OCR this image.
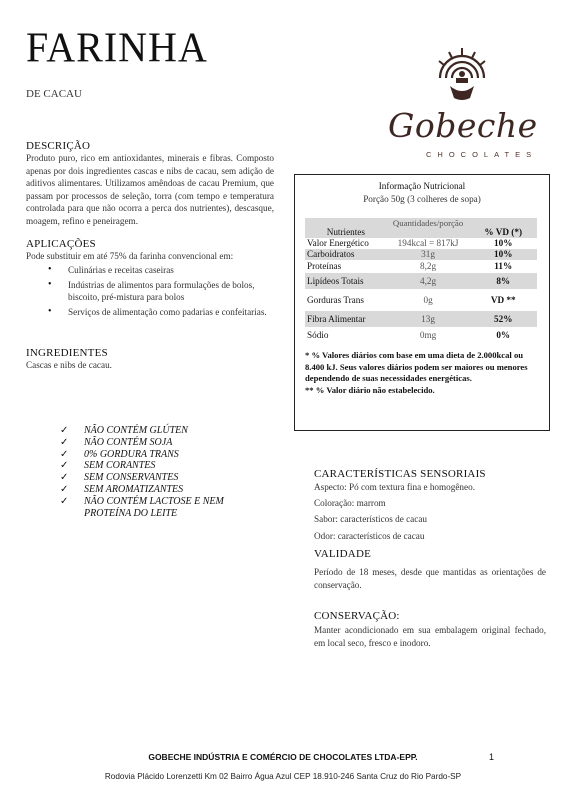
FARINHA
DE CACAU
Gobeche
CHOCOLATES
DESCRIÇÃO
Produto puro, rico em antioxidantes, minerais e fibras. Composto apenas por dois ingredientes cascas e nibs de cacau, sem adição de aditivos alimentares. Utilizamos amêndoas de cacau Premium, que passam por processos de seleção, torra (com tempo e temperatura controlada para que não ocorra a perca dos nutrientes), descasque, moagem, refino e peneiragem.
APLICAÇÕES
Pode substituir em até 75% da farinha convencional em:
• Culinárias e receitas caseiras
• Indústrias de alimentos para formulações de bolos, biscoito, pré-mistura para bolos
• Serviços de alimentação como padarias e confeitarias.
INGREDIENTES
Cascas e nibs de cacau.
✓ NÃO CONTÉM GLÚTEN
✓ NÃO CONTÉM SOJA
✓ 0% GORDURA TRANS
✓ SEM CORANTES
✓ SEM CONSERVANTES
✓ SEM AROMATIZANTES
✓ NÃO CONTÉM LACTOSE E NEM PROTEÍNA DO LEITE
Informação Nutricional
Porção 50g (3 colheres de sopa)
Nutrientes	Quantidades/porção	% VD (*)
Valor Energético	194kcal = 817kJ	10%
Carboidratos	31g	10%
Proteínas	8,2g	11%
Lipídeos Totais	4,2g	8%
Gorduras Trans	0g	VD **
Fibra Alimentar	13g	52%
Sódio	0mg	0%
* % Valores diários com base em uma dieta de 2.000kcal ou 8.400 kJ. Seus valores diários podem ser maiores ou menores dependendo de suas necessidades energéticas.
** % Valor diário não estabelecido.
CARACTERÍSTICAS SENSORIAIS
Aspecto: Pó com textura fina e homogêneo.
Coloração: marrom
Sabor: característicos de cacau
Odor: característicos de cacau
VALIDADE
Período de 18 meses, desde que mantidas as orientações de conservação.
CONSERVAÇÃO:
Manter acondicionado em sua embalagem original fechado, em local seco, fresco e inodoro.
GOBECHE INDÚSTRIA E COMÉRCIO DE CHOCOLATES LTDA-EPP.	1
Rodovia Plácido Lorenzetti Km 02 Bairro Água Azul CEP 18.910-246 Santa Cruz do Rio Pardo-SP
